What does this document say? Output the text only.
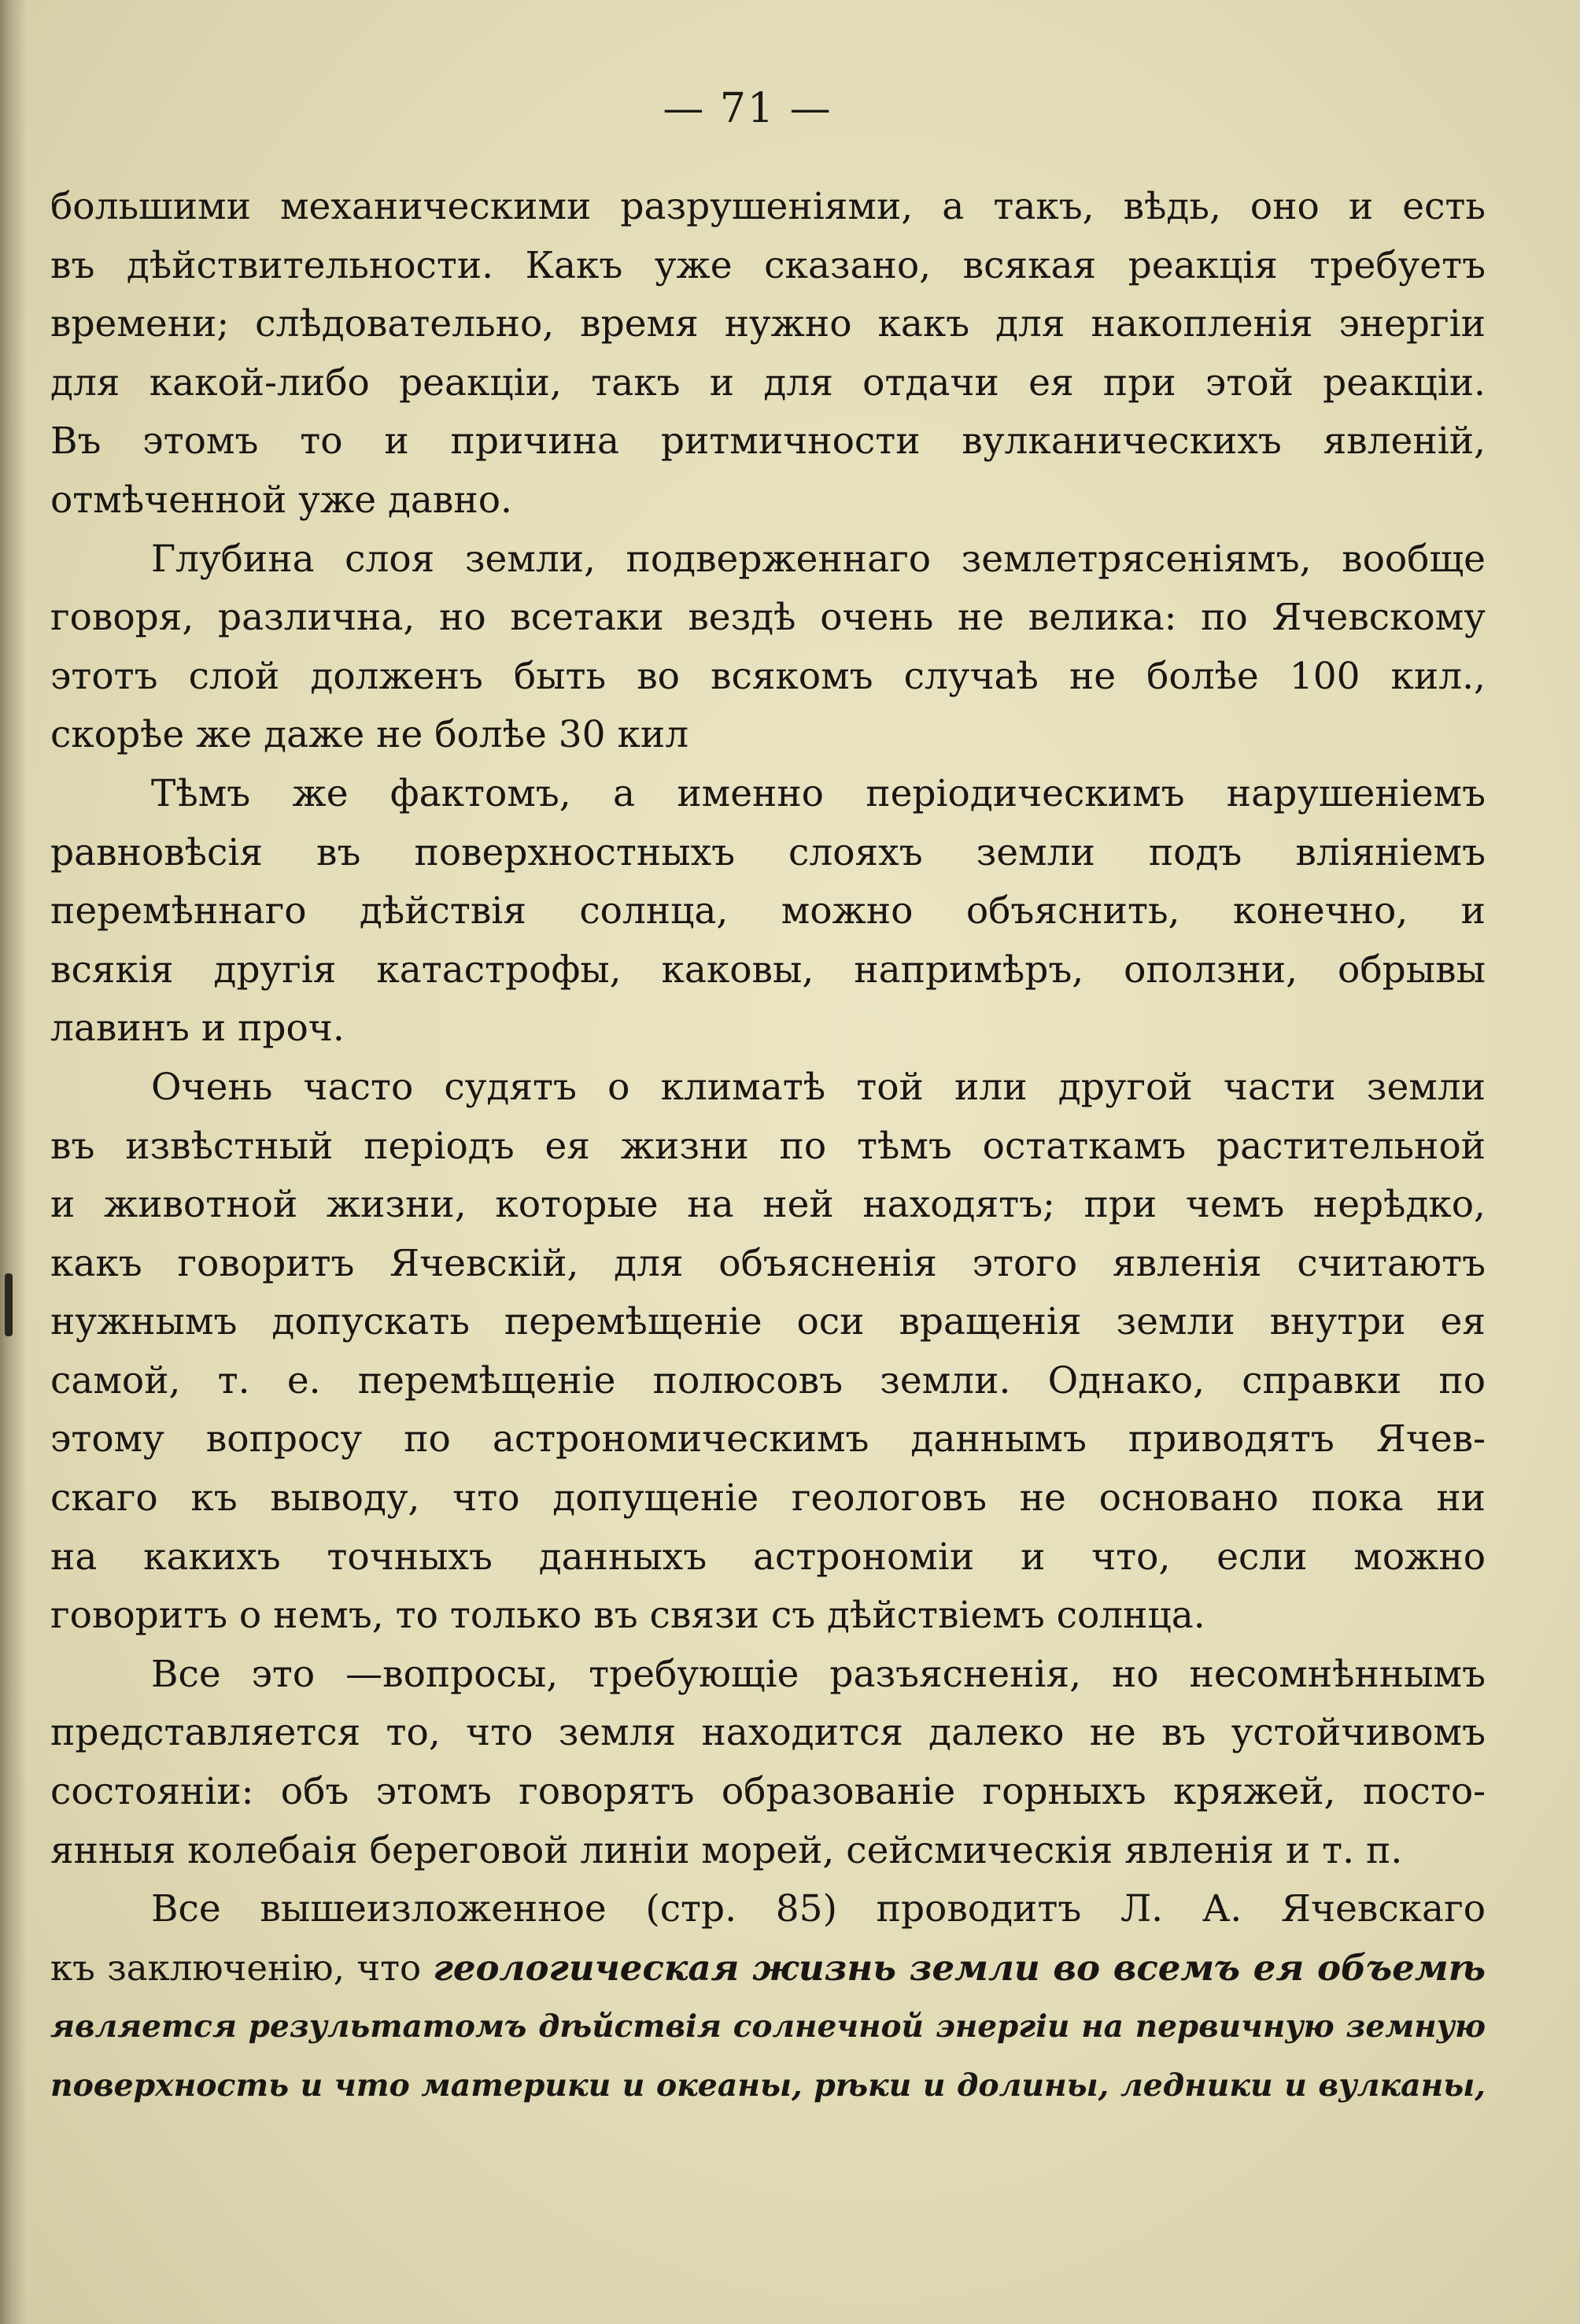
— 71 —
большими механическими разрушеніями, а такъ, вѣдь, оно и есть
въ дѣйствительности. Какъ уже сказано, всякая реакція требуетъ
времени; слѣдовательно, время нужно какъ для накопленія энергіи
для какой-либо реакціи, такъ и для отдачи ея при этой реакціи.
Въ этомъ то и причина ритмичности вулканическихъ явленій,
отмѣченной уже давно.
Глубина слоя земли, подверженнаго землетрясеніямъ, вообще
говоря, различна, но всетаки вездѣ очень не велика: по Ячевскому
этотъ слой долженъ быть во всякомъ случаѣ не болѣе 100 кил.,
скорѣе же даже не болѣе 30 кил
Тѣмъ же фактомъ, а именно періодическимъ нарушеніемъ
равновѣсія въ поверхностныхъ слояхъ земли подъ вліяніемъ
перемѣннаго дѣйствія солнца, можно объяснить, конечно, и
всякія другія катастрофы, каковы, напримѣръ, оползни, обрывы
лавинъ и проч.
Очень часто судятъ о климатѣ той или другой части земли
въ извѣстный періодъ ея жизни по тѣмъ остаткамъ растительной
и животной жизни, которые на ней находятъ; при чемъ нерѣдко,
какъ говоритъ Ячевскій, для объясненія этого явленія считаютъ
нужнымъ допускать перемѣщеніе оси вращенія земли внутри ея
самой, т. е. перемѣщеніе полюсовъ земли. Однако, справки по
этому вопросу по астрономическимъ даннымъ приводятъ Ячев-
скаго къ выводу, что допущеніе геологовъ не основано пока ни
на какихъ точныхъ данныхъ астрономіи и что, если можно
говоритъ о немъ, то только въ связи съ дѣйствіемъ солнца.
Все это —вопросы, требующіе разъясненія, но несомнѣннымъ
представляется то, что земля находится далеко не въ устойчивомъ
состояніи: объ этомъ говорятъ образованіе горныхъ кряжей, посто-
янныя колебаія береговой линіи морей, сейсмическія явленія и т. п.
Все вышеизложенное (стр. 85) проводитъ Л. А. Ячевскаго
къ заключенію, что геологическая жизнь земли во всемъ ея объемѣ
является результатомъ дѣйствія солнечной энергіи на первичную земную
поверхность и что материки и океаны, рѣки и долины, ледники и вулканы,
